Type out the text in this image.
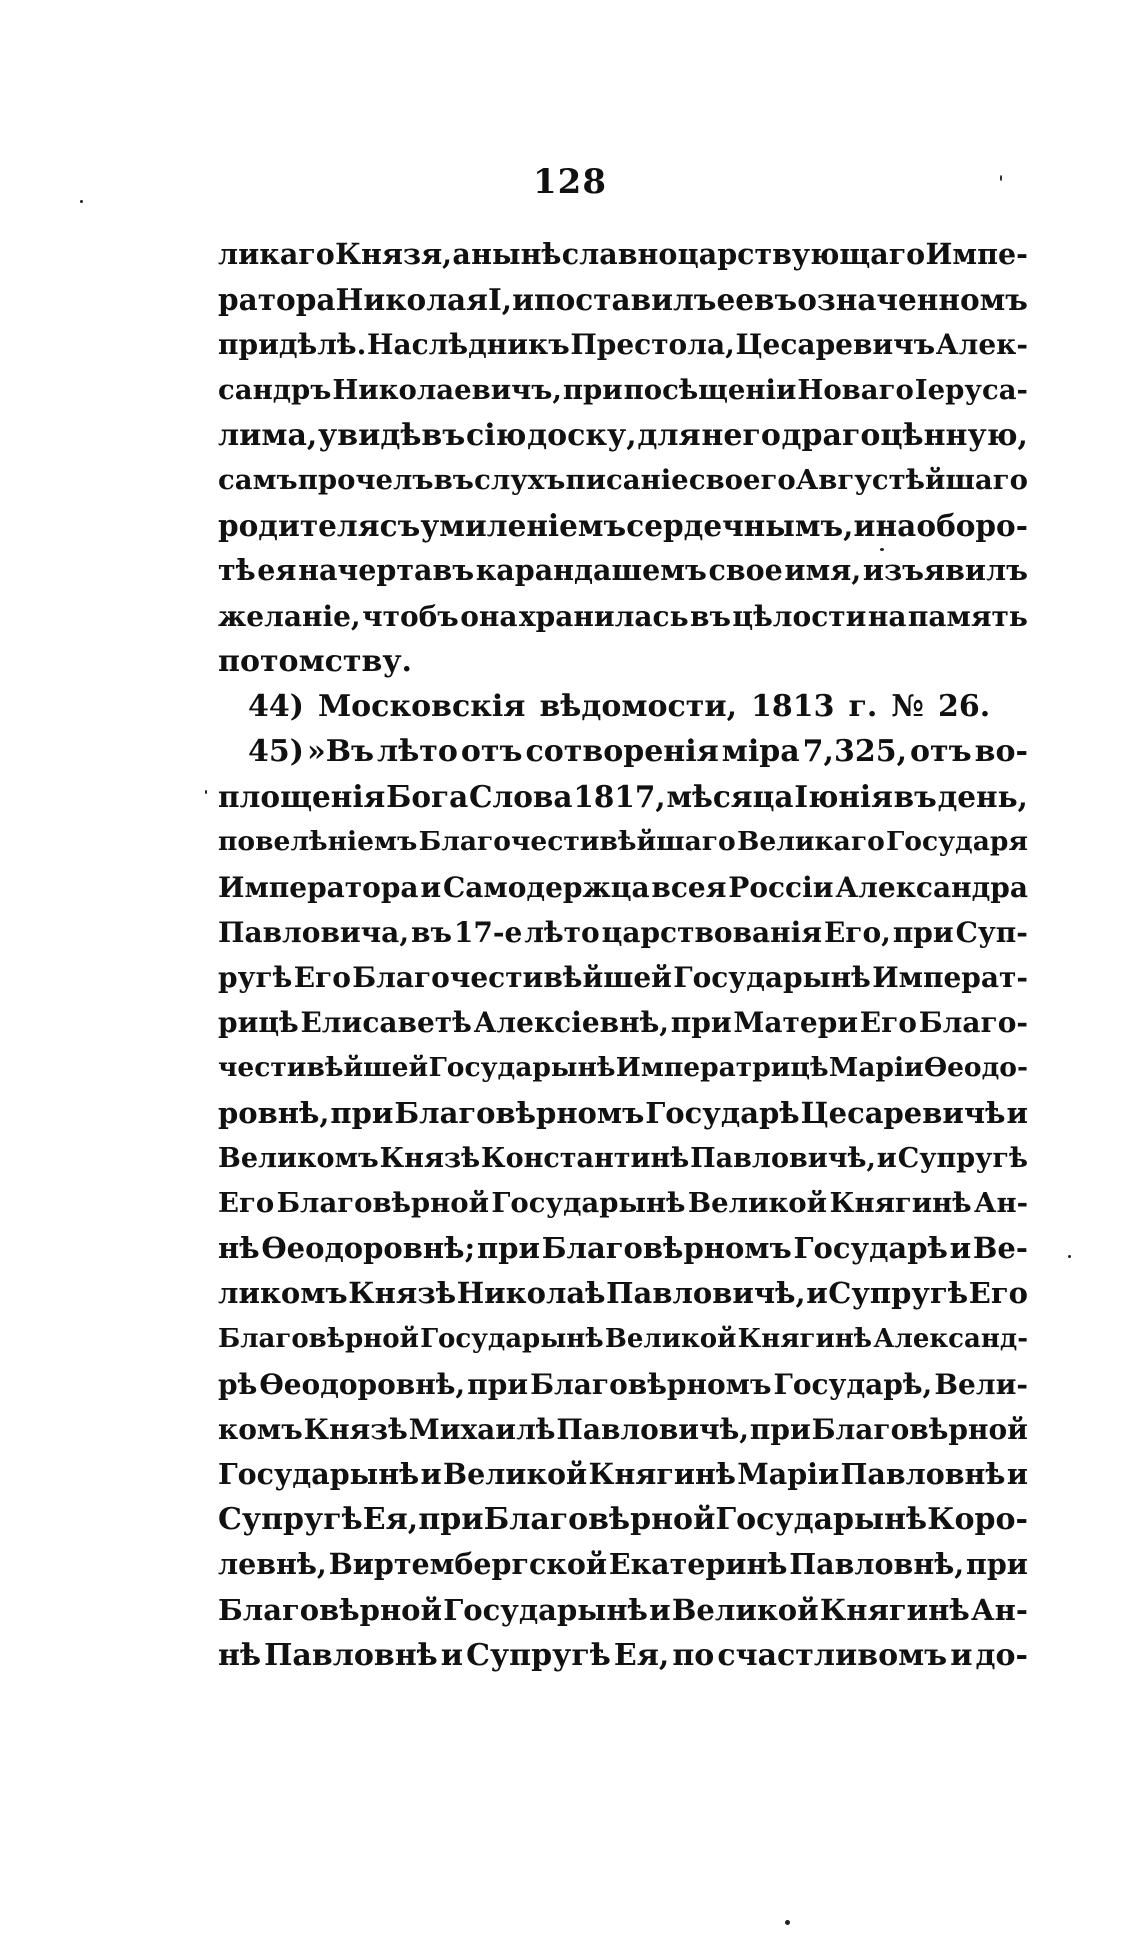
128
ликаго Князя, а нынѣ славно царствующаго Импе-
ратора Николая I, и поставилъ ее въ означенномъ
придѣлѣ. Наслѣдникъ Престола, Цесаревичъ Алек-
сандръ Николаевичъ, при посѣщеніи Новаго Іеруса-
лима, увидѣвъ сію доску, для него драгоцѣнную,
самъ прочелъ въ слухъ писаніе своего Августѣйшаго
родителя съ умиленіемъ сердечнымъ, и на оборо-
тѣ ея начертавъ карандашемъ свое имя, изъявилъ
желаніе, чтобъ она хранилась въ цѣлости на память
потомству.
44) Московскія вѣдомости, 1813 г. № 26.
45) »Въ лѣто отъ сотворенія міра 7,325, отъ во-
площенія Бога Слова 1817, мѣсяца Іюнія въ день,
повелѣніемъ Благочестивѣйшаго Великаго Государя
Императора и Самодержца всея Россіи Александра
Павловича, въ 17-е лѣто царствованія Его, при Суп-
ругѣ Его Благочестивѣйшей Государынѣ Императ-
рицѣ Елисаветѣ Алексіевнѣ, при Матери Его Благо-
честивѣйшей Государынѣ Императрицѣ Маріи Ѳеодо-
ровнѣ, при Благовѣрномъ Государѣ Цесаревичѣ и
Великомъ Князѣ Константинѣ Павловичѣ, и Супругѣ
Его Благовѣрной Государынѣ Великой Княгинѣ Ан-
нѣ Ѳеодоровнѣ; при Благовѣрномъ Государѣ и Ве-
ликомъ Князѣ Николаѣ Павловичѣ, и Супругѣ Его
Благовѣрной Государынѣ Великой Княгинѣ Александ-
рѣ Ѳеодоровнѣ, при Благовѣрномъ Государѣ, Вели-
комъ Князѣ Михаилѣ Павловичѣ, при Благовѣрной
Государынѣ и Великой Княгинѣ Маріи Павловнѣ и
Супругѣ Ея, при Благовѣрной Государынѣ Коро-
левнѣ, Виртембергской Екатеринѣ Павловнѣ, при
Благовѣрной Государынѣ и Великой Княгинѣ Ан-
нѣ Павловнѣ и Супругѣ Ея, по счастливомъ и до-
